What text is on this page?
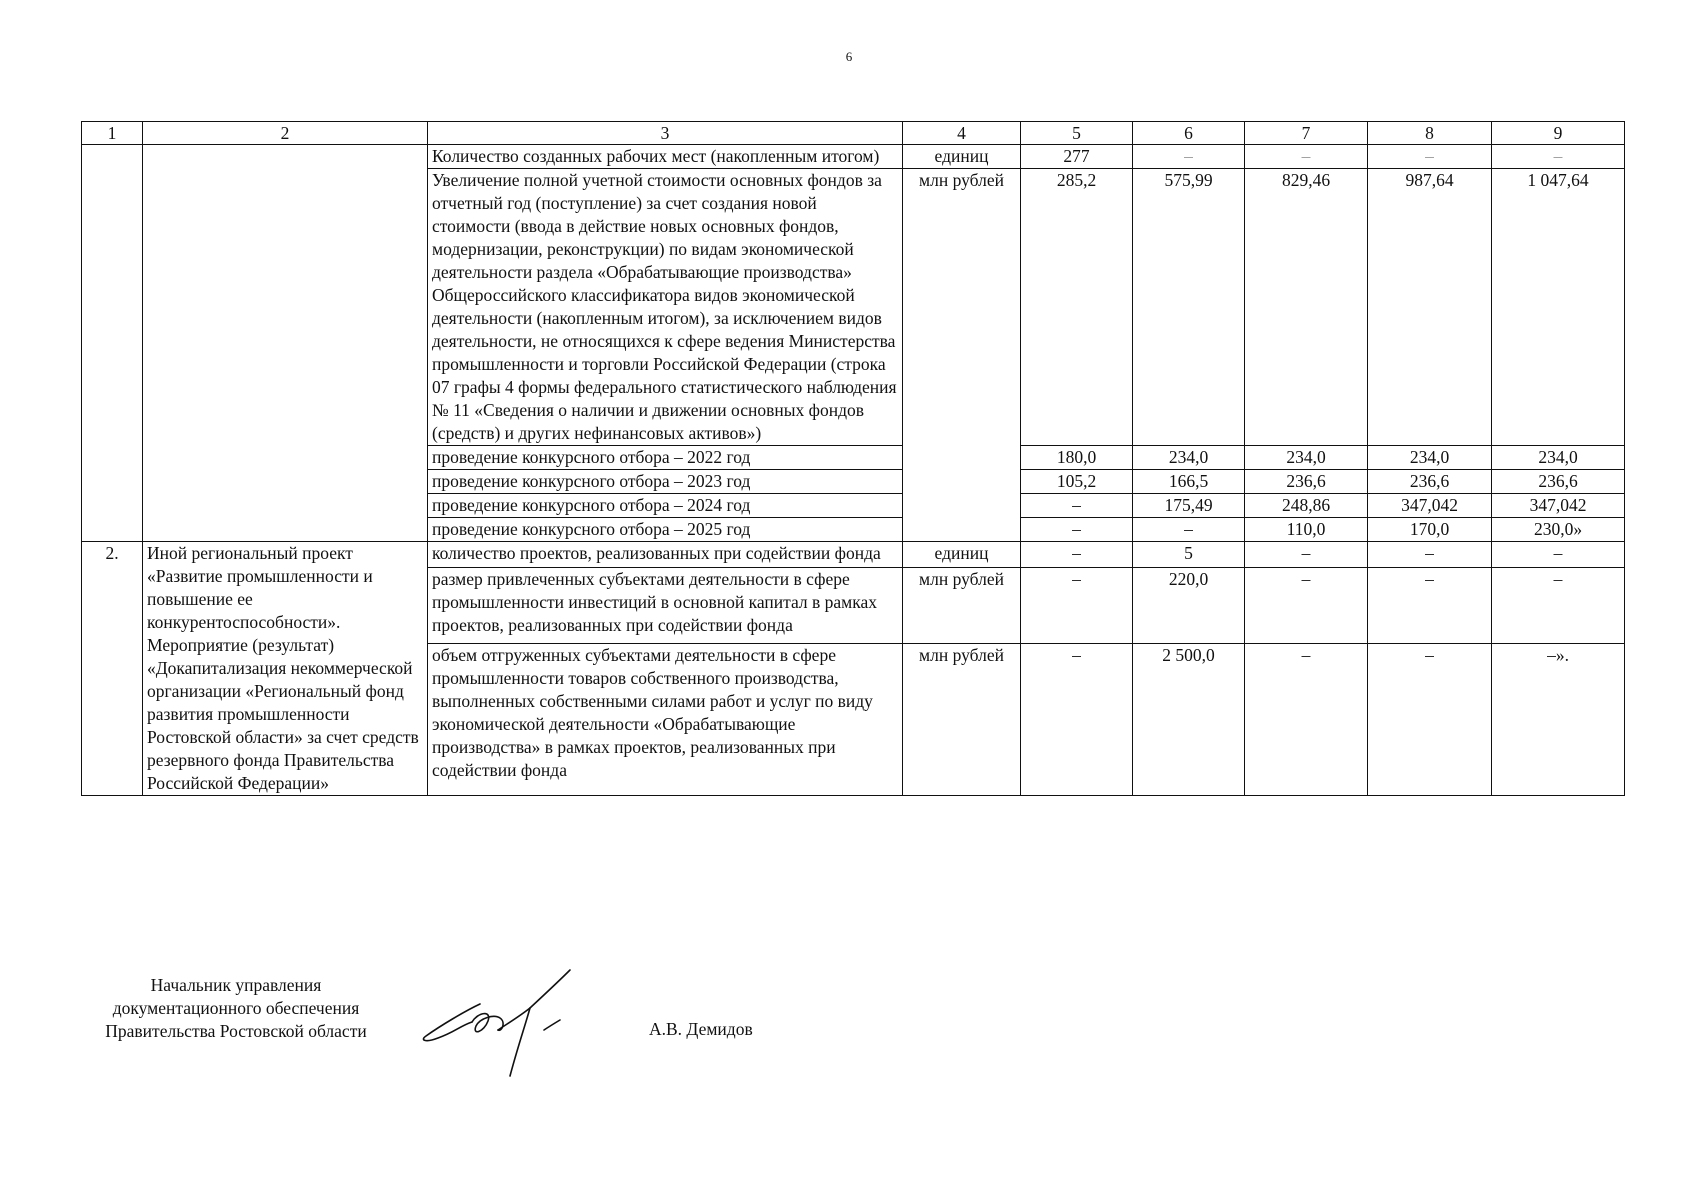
6
1	2	3	4	5	6	7	8	9
		Количество созданных рабочих мест (накопленным итогом)	единиц	277	–	–	–	–
		Увеличение полной учетной стоимости основных фондов за отчетный год (поступление) за счет создания новой стоимости (ввода в действие новых основных фондов, модернизации, реконструкции) по видам экономической деятельности раздела «Обрабатывающие производства» Общероссийского классификатора видов экономической деятельности (накопленным итогом), за исключением видов деятельности, не относящихся к сфере ведения Министерства промышленности и торговли Российской Федерации (строка 07 графы 4 формы федерального статистического наблюдения № 11 «Сведения о наличии и движении основных фондов (средств) и других нефинансовых активов»)	млн рублей	285,2	575,99	829,46	987,64	1 047,64
		проведение конкурсного отбора – 2022 год		180,0	234,0	234,0	234,0	234,0
		проведение конкурсного отбора – 2023 год		105,2	166,5	236,6	236,6	236,6
		проведение конкурсного отбора – 2024 год		–	175,49	248,86	347,042	347,042
		проведение конкурсного отбора – 2025 год		–	–	110,0	170,0	230,0»
2.	Иной региональный проект «Развитие промышленности и повышение ее конкурентоспособности». Мероприятие (результат) «Докапитализация некоммерческой организации «Региональный фонд развития промышленности Ростовской области» за счет средств резервного фонда Правительства Российской Федерации»	количество проектов, реализованных при содействии фонда	единиц	–	5	–	–	–
		размер привлеченных субъектами деятельности в сфере промышленности инвестиций в основной капитал в рамках проектов, реализованных при содействии фонда	млн рублей	–	220,0	–	–	–
		объем отгруженных субъектами деятельности в сфере промышленности товаров собственного производства, выполненных собственными силами работ и услуг по виду экономической деятельности «Обрабатывающие производства» в рамках проектов, реализованных при содействии фонда	млн рублей	–	2 500,0	–	–	–».
Начальник управления
документационного обеспечения
Правительства Ростовской области	А.В. Демидов
